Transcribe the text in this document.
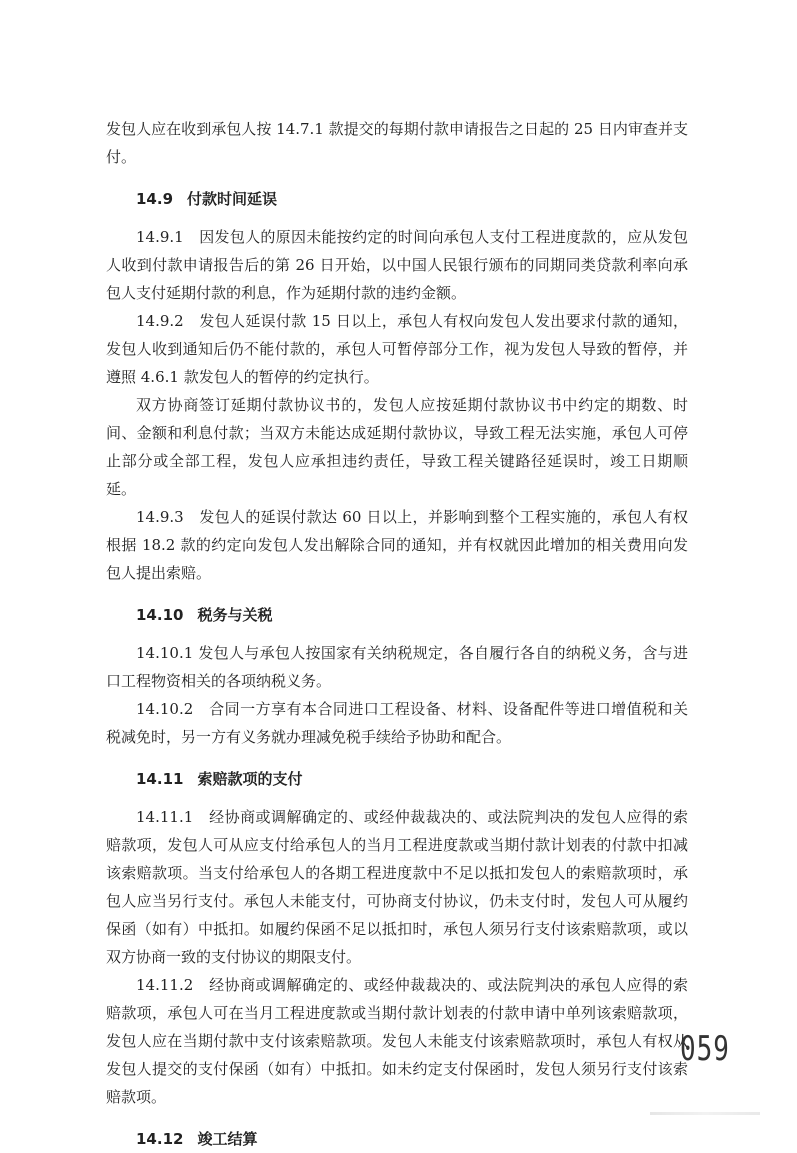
发包人应在收到承包人按 14.7.1 款提交的每期付款申请报告之日起的 25 日内审查并支付。

14.9 付款时间延误

14.9.1　因发包人的原因未能按约定的时间向承包人支付工程进度款的，应从发包人收到付款申请报告后的第 26 日开始，以中国人民银行颁布的同期同类贷款利率向承包人支付延期付款的利息，作为延期付款的违约金额。

14.9.2　发包人延误付款 15 日以上，承包人有权向发包人发出要求付款的通知，发包人收到通知后仍不能付款的，承包人可暂停部分工作，视为发包人导致的暂停，并遵照 4.6.1 款发包人的暂停的约定执行。

双方协商签订延期付款协议书的，发包人应按延期付款协议书中约定的期数、时间、金额和利息付款；当双方未能达成延期付款协议，导致工程无法实施，承包人可停止部分或全部工程，发包人应承担违约责任，导致工程关键路径延误时，竣工日期顺延。

14.9.3　发包人的延误付款达 60 日以上，并影响到整个工程实施的，承包人有权根据 18.2 款的约定向发包人发出解除合同的通知，并有权就因此增加的相关费用向发包人提出索赔。

14.10 税务与关税

14.10.1 发包人与承包人按国家有关纳税规定，各自履行各自的纳税义务，含与进口工程物资相关的各项纳税义务。

14.10.2　合同一方享有本合同进口工程设备、材料、设备配件等进口增值税和关税减免时，另一方有义务就办理减免税手续给予协助和配合。

14.11 索赔款项的支付

14.11.1　经协商或调解确定的、或经仲裁裁决的、或法院判决的发包人应得的索赔款项，发包人可从应支付给承包人的当月工程进度款或当期付款计划表的付款中扣减该索赔款项。当支付给承包人的各期工程进度款中不足以抵扣发包人的索赔款项时，承包人应当另行支付。承包人未能支付，可协商支付协议，仍未支付时，发包人可从履约保函（如有）中抵扣。如履约保函不足以抵扣时，承包人须另行支付该索赔款项，或以双方协商一致的支付协议的期限支付。

14.11.2　经协商或调解确定的、或经仲裁裁决的、或法院判决的承包人应得的索赔款项，承包人可在当月工程进度款或当期付款计划表的付款申请中单列该索赔款项，发包人应在当期付款中支付该索赔款项。发包人未能支付该索赔款项时，承包人有权从发包人提交的支付保函（如有）中抵扣。如未约定支付保函时，发包人须另行支付该索赔款项。

14.12 竣工结算
059
